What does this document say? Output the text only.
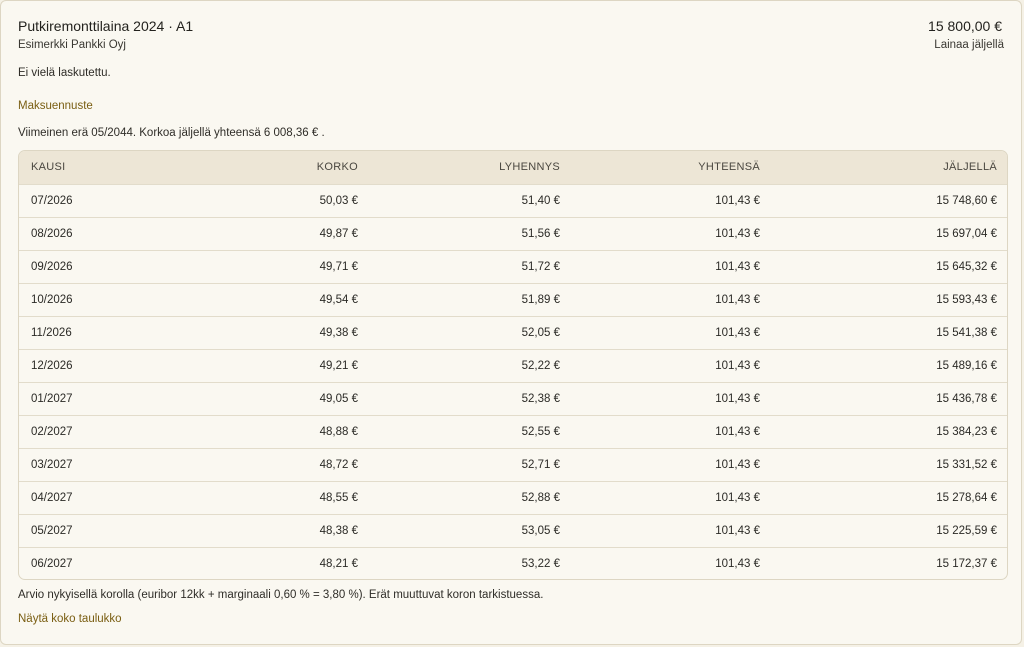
Putkiremonttilaina 2024 · A1
Esimerkki Pankki Oyj
15 800,00 €
Lainaa jäljellä
Ei vielä laskutettu.
Maksuennuste
Viimeinen erä 05/2044. Korkoa jäljellä yhteensä 6 008,36 € .
KAUSI	KORKO	LYHENNYS	YHTEENSÄ	JÄLJELLÄ
07/2026	50,03 €	51,40 €	101,43 €	15 748,60 €
08/2026	49,87 €	51,56 €	101,43 €	15 697,04 €
09/2026	49,71 €	51,72 €	101,43 €	15 645,32 €
10/2026	49,54 €	51,89 €	101,43 €	15 593,43 €
11/2026	49,38 €	52,05 €	101,43 €	15 541,38 €
12/2026	49,21 €	52,22 €	101,43 €	15 489,16 €
01/2027	49,05 €	52,38 €	101,43 €	15 436,78 €
02/2027	48,88 €	52,55 €	101,43 €	15 384,23 €
03/2027	48,72 €	52,71 €	101,43 €	15 331,52 €
04/2027	48,55 €	52,88 €	101,43 €	15 278,64 €
05/2027	48,38 €	53,05 €	101,43 €	15 225,59 €
06/2027	48,21 €	53,22 €	101,43 €	15 172,37 €
Arvio nykyisellä korolla (euribor 12kk + marginaali 0,60 % = 3,80 %). Erät muuttuvat koron tarkistuessa.
Näytä koko taulukko
